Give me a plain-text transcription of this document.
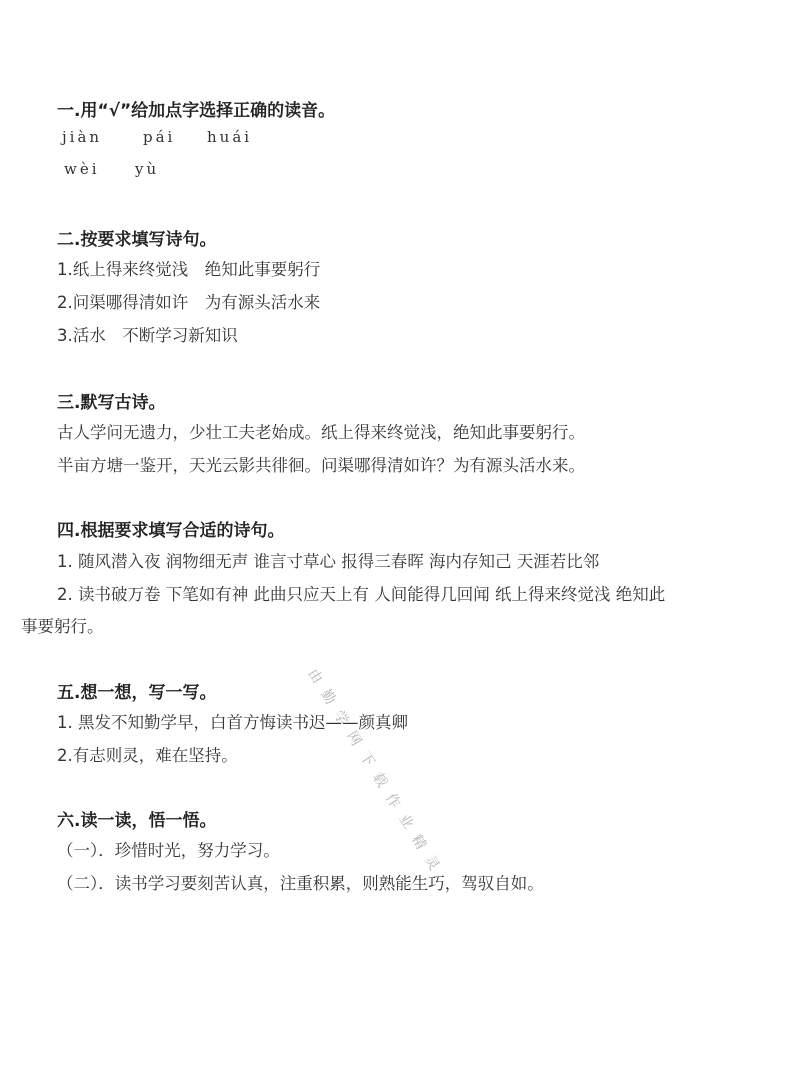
一.用“√”给加点字选择正确的读音。
jiàn	pái huái
wèi yù
二.按要求填写诗句。
1.纸上得来终觉浅　绝知此事要躬行
2.问渠哪得清如许　为有源头活水来
3.活水　不断学习新知识
三.默写古诗。
古人学问无遗力，少壮工夫老始成。纸上得来终觉浅，绝知此事要躬行。
半亩方塘一鉴开，天光云影共徘徊。问渠哪得清如许？为有源头活水来。
四.根据要求填写合适的诗句。
1. 随风潜入夜 润物细无声 谁言寸草心 报得三春晖 海内存知己 天涯若比邻
2. 读书破万卷 下笔如有神 此曲只应天上有 人间能得几回闻 纸上得来终觉浅 绝知此
事要躬行。
五.想一想，写一写。
1. 黑发不知勤学早，白首方悔读书迟——颜真卿
2.有志则灵，难在坚持。
六.读一读，悟一悟。
（一）．珍惜时光，努力学习。
（二）．读书学习要刻苦认真，注重积累，则熟能生巧，驾驭自如。
由 勤 学 网 下 载 作 业 精 灵
